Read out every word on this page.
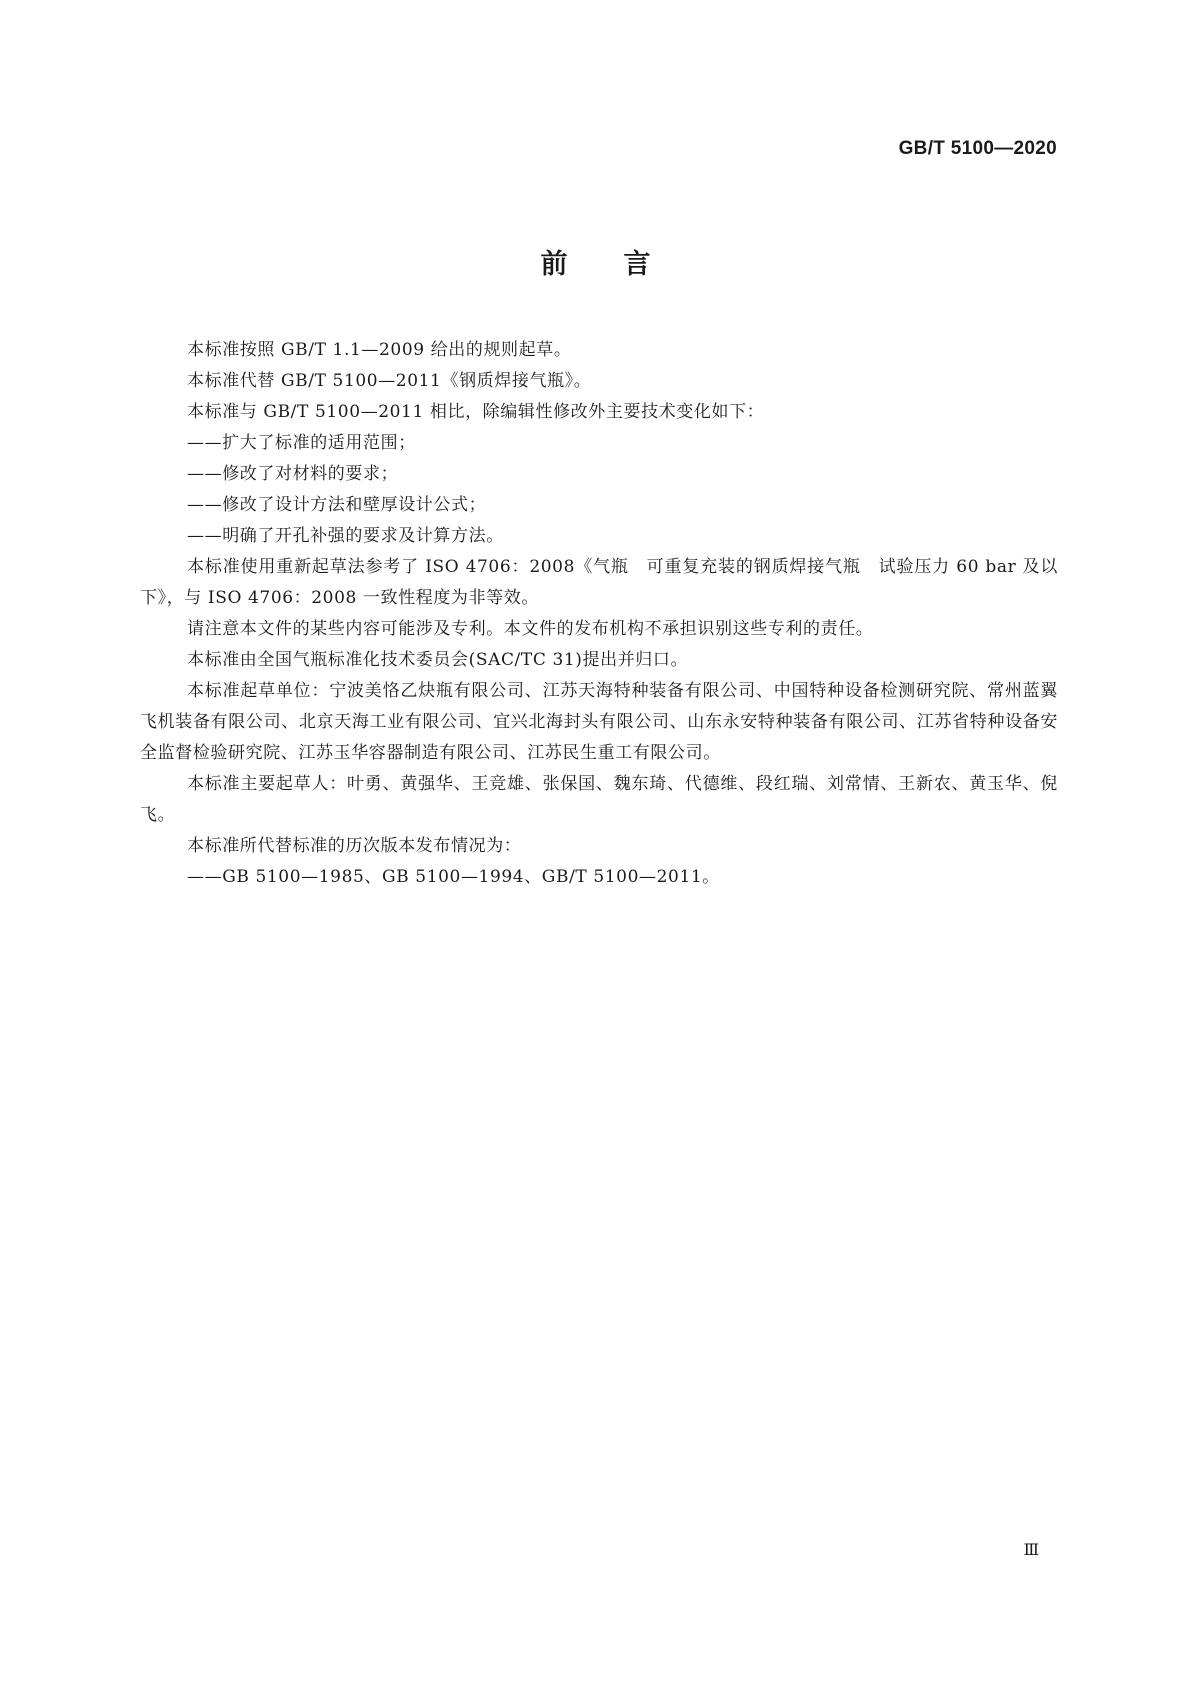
GB/T 5100—2020
前 言

本标准按照 GB/T 1.1—2009 给出的规则起草。

本标准代替 GB/T 5100—2011《钢质焊接气瓶》。

本标准与 GB/T 5100—2011 相比，除编辑性修改外主要技术变化如下：

——扩大了标准的适用范围；

——修改了对材料的要求；

——修改了设计方法和壁厚设计公式；

——明确了开孔补强的要求及计算方法。

本标准使用重新起草法参考了 ISO 4706：2008《气瓶　可重复充装的钢质焊接气瓶　试验压力 60 bar 及以下》，与 ISO 4706：2008 一致性程度为非等效。

请注意本文件的某些内容可能涉及专利。本文件的发布机构不承担识别这些专利的责任。

本标准由全国气瓶标准化技术委员会(SAC/TC 31)提出并归口。

本标准起草单位：宁波美恪乙炔瓶有限公司、江苏天海特种装备有限公司、中国特种设备检测研究院、常州蓝翼飞机装备有限公司、北京天海工业有限公司、宜兴北海封头有限公司、山东永安特种装备有限公司、江苏省特种设备安全监督检验研究院、江苏玉华容器制造有限公司、江苏民生重工有限公司。

本标准主要起草人：叶勇、黄强华、王竞雄、张保国、魏东琦、代德维、段红瑞、刘常情、王新农、黄玉华、倪飞。

本标准所代替标准的历次版本发布情况为：

——GB 5100—1985、GB 5100—1994、GB/T 5100—2011。

Ⅲ
